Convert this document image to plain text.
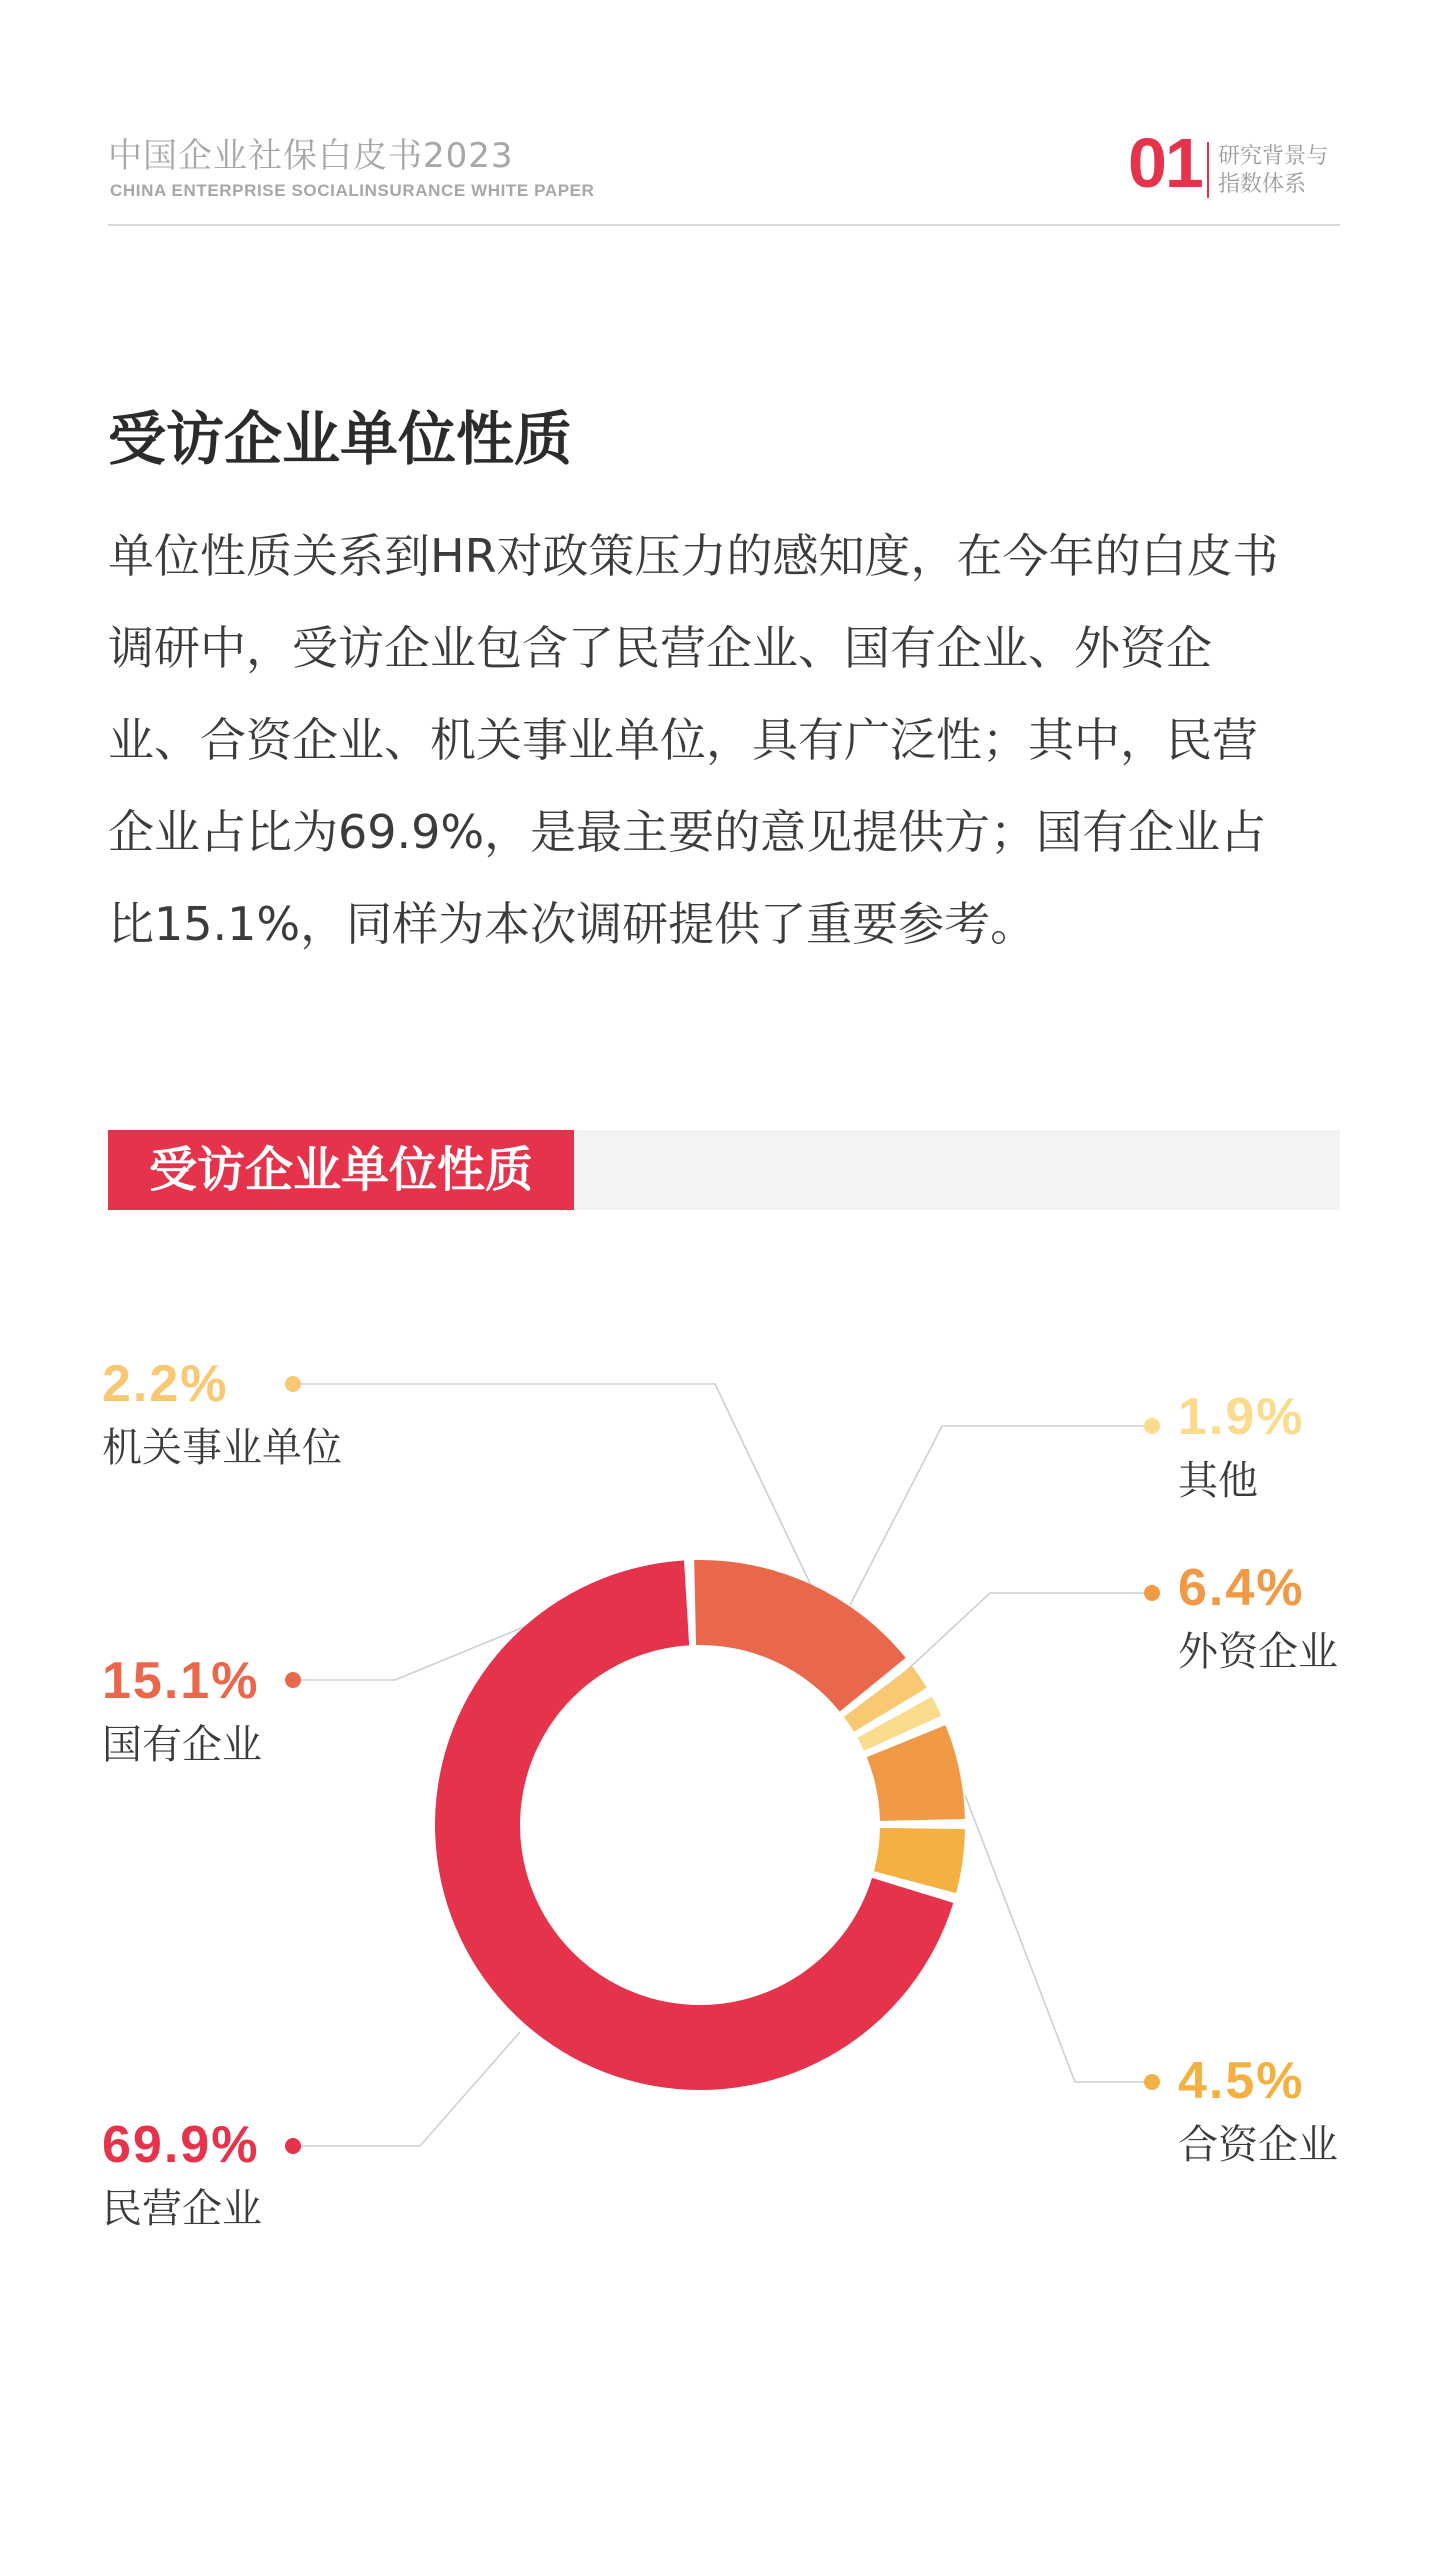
中国企业社保白皮书2023
CHINA ENTERPRISE SOCIALINSURANCE WHITE PAPER	01 研究背景与
指数体系
受访企业单位性质
单位性质关系到HR对政策压力的感知度，在今年的白皮书
调研中，受访企业包含了民营企业、国有企业、外资企
业、合资企业、机关事业单位，具有广泛性；其中，民营
企业占比为69.9%，是最主要的意见提供方；国有企业占
比15.1%，同样为本次调研提供了重要参考。
受访企业单位性质
69.9%
民营企业
15.1%
国有企业
2.2%
机关事业单位
1.9%
其他
6.4%
外资企业
4.5%
合资企业
